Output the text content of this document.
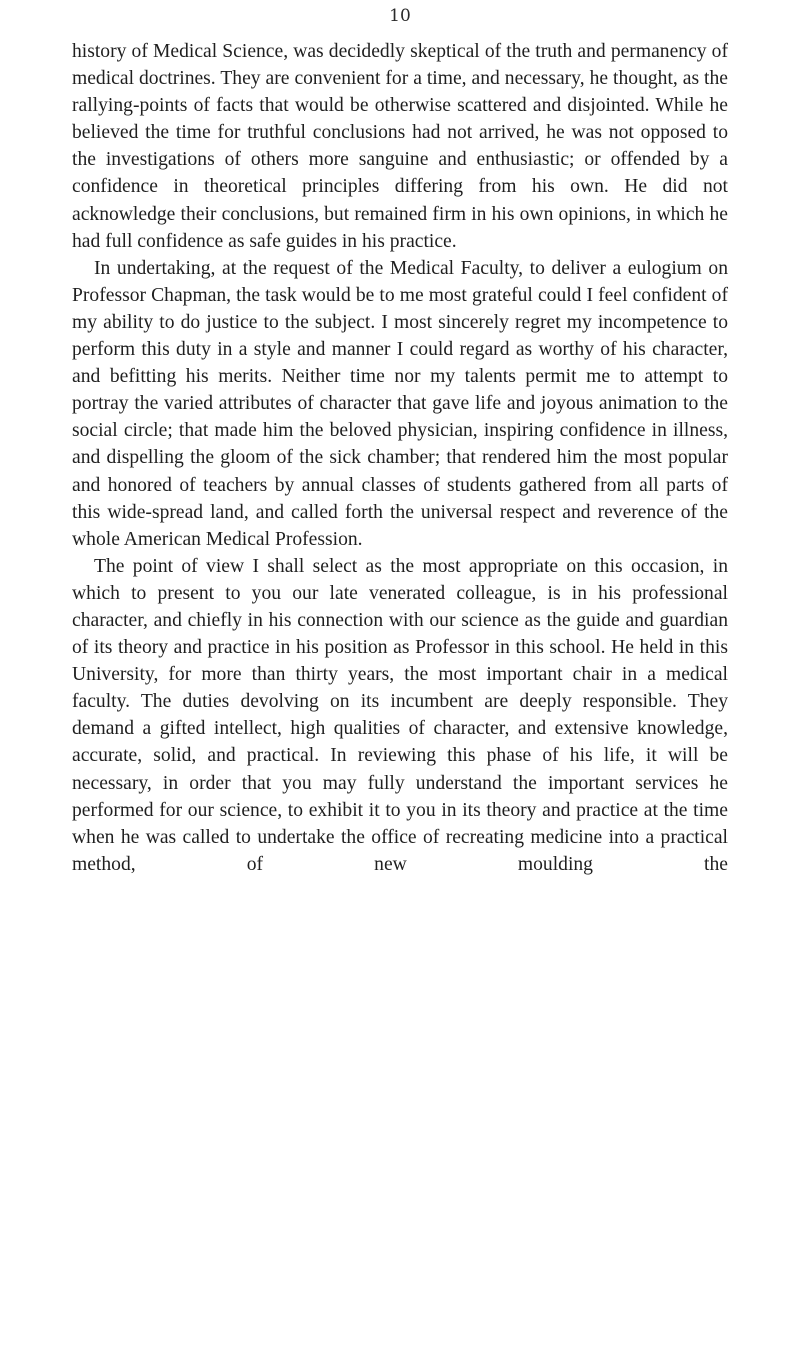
10

history of Medical Science, was decidedly skeptical of the truth and permanency of medical doctrines. They are convenient for a time, and necessary, he thought, as the rallying-points of facts that would be otherwise scattered and disjointed. While he believed the time for truthful conclusions had not arrived, he was not opposed to the investigations of others more sanguine and enthusiastic; or offended by a confidence in theoretical principles differing from his own. He did not acknowledge their conclusions, but remained firm in his own opinions, in which he had full confidence as safe guides in his practice.

In undertaking, at the request of the Medical Faculty, to deliver a eulogium on Professor Chapman, the task would be to me most grateful could I feel confident of my ability to do justice to the subject. I most sincerely regret my incompetence to perform this duty in a style and manner I could regard as worthy of his character, and befitting his merits. Neither time nor my talents permit me to attempt to portray the varied attributes of character that gave life and joyous animation to the social circle; that made him the beloved physician, inspiring confidence in illness, and dispelling the gloom of the sick chamber; that rendered him the most popular and honored of teachers by annual classes of students gathered from all parts of this wide-spread land, and called forth the universal respect and reverence of the whole American Medical Profession.

The point of view I shall select as the most appropriate on this occasion, in which to present to you our late venerated colleague, is in his professional character, and chiefly in his connection with our science as the guide and guardian of its theory and practice in his position as Professor in this school. He held in this University, for more than thirty years, the most important chair in a medical faculty. The duties devolving on its incumbent are deeply responsible. They demand a gifted intellect, high qualities of character, and extensive knowledge, accurate, solid, and practical. In reviewing this phase of his life, it will be necessary, in order that you may fully understand the important services he performed for our science, to exhibit it to you in its theory and practice at the time when he was called to undertake the office of recreating medicine into a practical method, of new moulding the
